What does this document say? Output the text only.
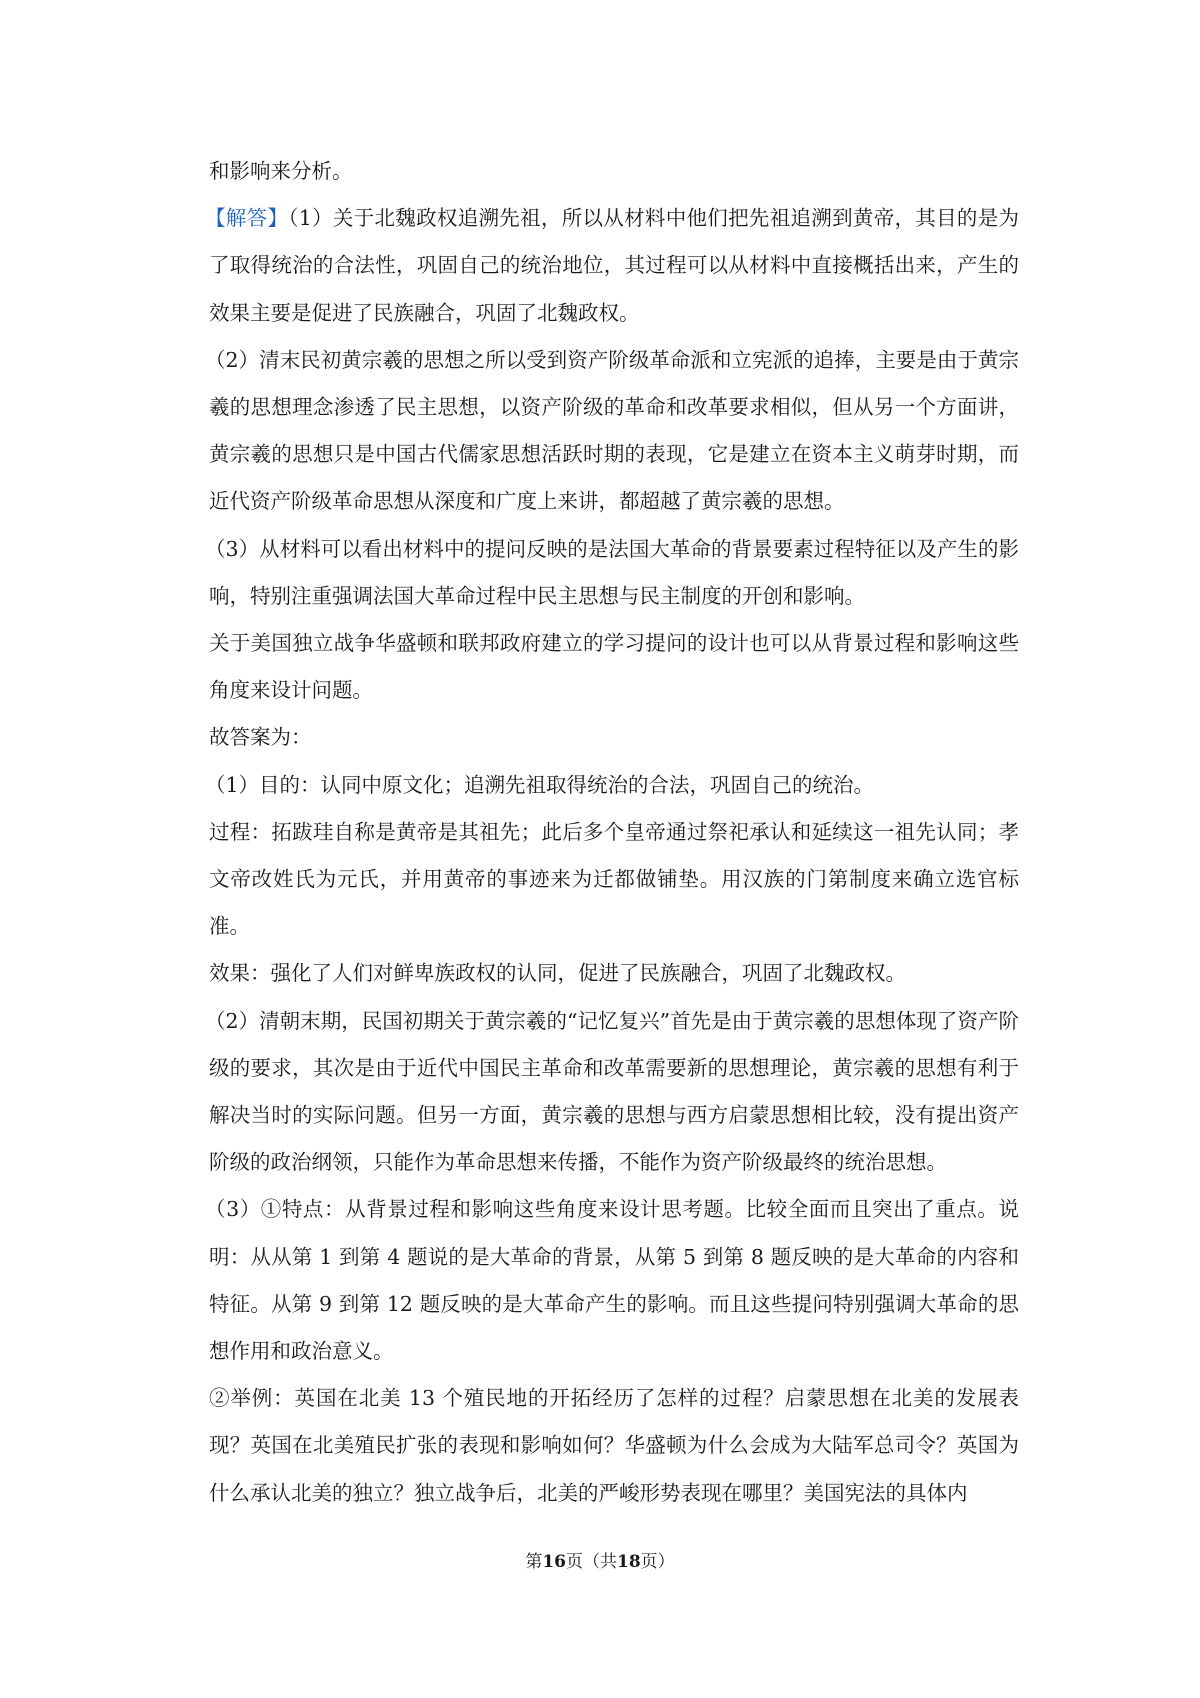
和影响来分析。

【解答】（1）关于北魏政权追溯先祖，所以从材料中他们把先祖追溯到黄帝，其目的是为了取得统治的合法性，巩固自己的统治地位，其过程可以从材料中直接概括出来，产生的效果主要是促进了民族融合，巩固了北魏政权。

（2）清末民初黄宗羲的思想之所以受到资产阶级革命派和立宪派的追捧，主要是由于黄宗羲的思想理念渗透了民主思想，以资产阶级的革命和改革要求相似，但从另一个方面讲，黄宗羲的思想只是中国古代儒家思想活跃时期的表现，它是建立在资本主义萌芽时期，而近代资产阶级革命思想从深度和广度上来讲，都超越了黄宗羲的思想。

（3）从材料可以看出材料中的提问反映的是法国大革命的背景要素过程特征以及产生的影响，特别注重强调法国大革命过程中民主思想与民主制度的开创和影响。

关于美国独立战争华盛顿和联邦政府建立的学习提问的设计也可以从背景过程和影响这些角度来设计问题。

故答案为：

（1）目的：认同中原文化；追溯先祖取得统治的合法，巩固自己的统治。

过程：拓跋珪自称是黄帝是其祖先；此后多个皇帝通过祭祀承认和延续这一祖先认同；孝文帝改姓氏为元氏，并用黄帝的事迹来为迁都做铺垫。用汉族的门第制度来确立选官标准。

效果：强化了人们对鲜卑族政权的认同，促进了民族融合，巩固了北魏政权。

（2）清朝末期，民国初期关于黄宗羲的“记忆复兴”首先是由于黄宗羲的思想体现了资产阶级的要求，其次是由于近代中国民主革命和改革需要新的思想理论，黄宗羲的思想有利于解决当时的实际问题。但另一方面，黄宗羲的思想与西方启蒙思想相比较，没有提出资产阶级的政治纲领，只能作为革命思想来传播，不能作为资产阶级最终的统治思想。

（3）①特点：从背景过程和影响这些角度来设计思考题。比较全面而且突出了重点。说明：从从第 1 到第 4 题说的是大革命的背景，从第 5 到第 8 题反映的是大革命的内容和特征。从第 9 到第 12 题反映的是大革命产生的影响。而且这些提问特别强调大革命的思想作用和政治意义。

②举例：英国在北美 13 个殖民地的开拓经历了怎样的过程？启蒙思想在北美的发展表现？英国在北美殖民扩张的表现和影响如何？华盛顿为什么会成为大陆军总司令？英国为什么承认北美的独立？独立战争后，北美的严峻形势表现在哪里？美国宪法的具体内

第16页（共18页）
